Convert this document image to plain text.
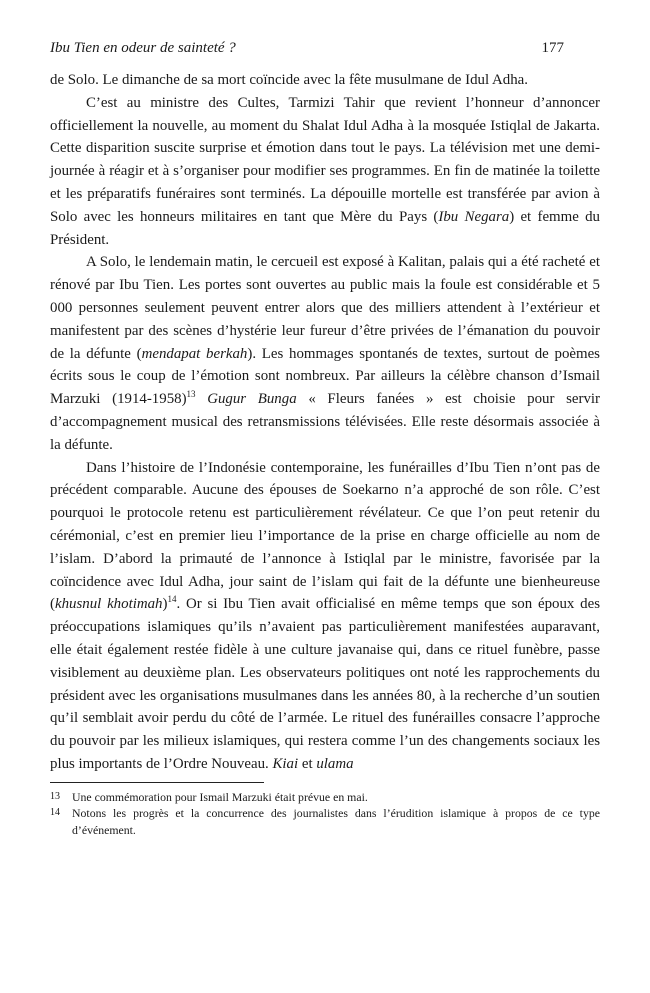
Ibu Tien en odeur de sainteté ?	177

de Solo. Le dimanche de sa mort coïncide avec la fête musulmane de Idul Adha.

C’est au ministre des Cultes, Tarmizi Tahir que revient l’honneur d’annoncer officiellement la nouvelle, au moment du Shalat Idul Adha à la mosquée Istiqlal de Jakarta. Cette disparition suscite surprise et émotion dans tout le pays. La télévision met une demi-journée à réagir et à s’organiser pour modifier ses programmes. En fin de matinée la toilette et les préparatifs funéraires sont terminés. La dépouille mortelle est transférée par avion à Solo avec les honneurs militaires en tant que Mère du Pays (Ibu Negara) et femme du Président.

A Solo, le lendemain matin, le cercueil est exposé à Kalitan, palais qui a été racheté et rénové par Ibu Tien. Les portes sont ouvertes au public mais la foule est considérable et 5 000 personnes seulement peuvent entrer alors que des milliers attendent à l’extérieur et manifestent par des scènes d’hystérie leur fureur d’être privées de l’émanation du pouvoir de la défunte (mendapat berkah). Les hommages spontanés de textes, surtout de poèmes écrits sous le coup de l’émotion sont nombreux. Par ailleurs la célèbre chanson d’Ismail Marzuki (1914-1958)$^{13}$ Gugur Bunga « Fleurs fanées » est choisie pour servir d’accompagnement musical des retransmissions télévisées. Elle reste désormais associée à la défunte.

Dans l’histoire de l’Indonésie contemporaine, les funérailles d’Ibu Tien n’ont pas de précédent comparable. Aucune des épouses de Soekarno n’a approché de son rôle. C’est pourquoi le protocole retenu est particulièrement révélateur. Ce que l’on peut retenir du cérémonial, c’est en premier lieu l’importance de la prise en charge officielle au nom de l’islam. D’abord la primauté de l’annonce à Istiqlal par le ministre, favorisée par la coïncidence avec Idul Adha, jour saint de l’islam qui fait de la défunte une bienheureuse (khusnul khotimah)$^{14}$. Or si Ibu Tien avait officialisé en même temps que son époux des préoccupations islamiques qu’ils n’avaient pas particulièrement manifestées auparavant, elle était également restée fidèle à une culture javanaise qui, dans ce rituel funèbre, passe visiblement au deuxième plan. Les observateurs politiques ont noté les rapprochements du président avec les organisations musulmanes dans les années 80, à la recherche d’un soutien qu’il semblait avoir perdu du côté de l’armée. Le rituel des funérailles consacre l’approche du pouvoir par les milieux islamiques, qui restera comme l’un des changements sociaux les plus importants de l’Ordre Nouveau. Kiai et ulama

13	Une commémoration pour Ismail Marzuki était prévue en mai.
14	Notons les progrès et la concurrence des journalistes dans l’érudition islamique à propos de ce type d’événement.
